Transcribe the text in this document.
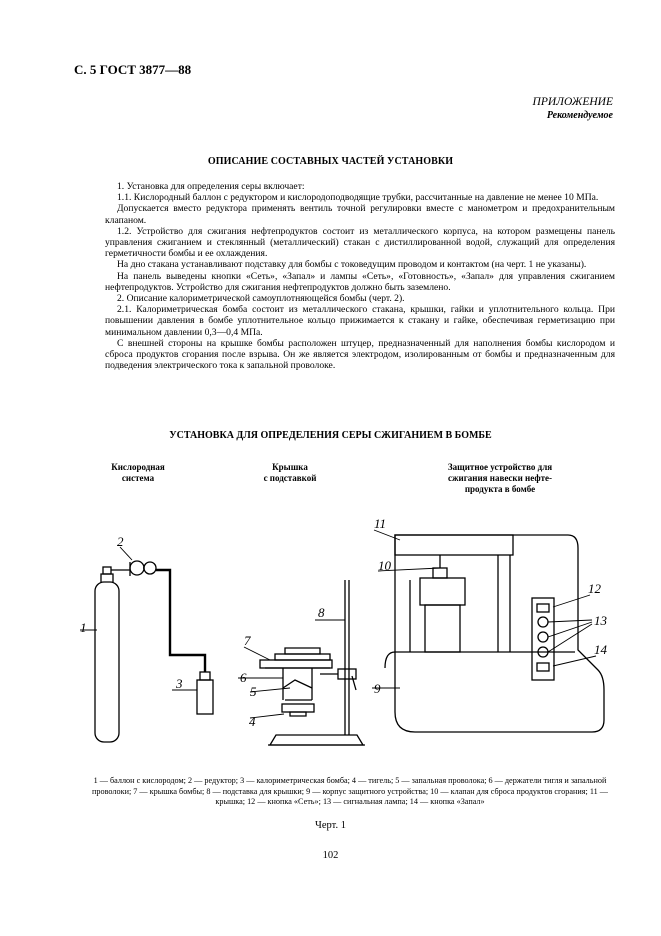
С. 5 ГОСТ 3877—88
ПРИЛОЖЕНИЕ
Рекомендуемое
ОПИСАНИЕ СОСТАВНЫХ ЧАСТЕЙ УСТАНОВКИ

1. Установка для определения серы включает:

1.1. Кислородный баллон с редуктором и кислородоподводящие трубки, рассчитанные на давление не менее 10 МПа.

Допускается вместо редуктора применять вентиль точной регулировки вместе с манометром и предохранительным клапаном.

1.2. Устройство для сжигания нефтепродуктов состоит из металлического корпуса, на котором размещены панель управления сжиганием и стеклянный (металлический) стакан с дистиллированной водой, служащий для определения герметичности бомбы и ее охлаждения.

На дно стакана устанавливают подставку для бомбы с токоведущим проводом и контактом (на черт. 1 не указаны).

На панель выведены кнопки «Сеть», «Запал» и лампы «Сеть», «Готовность», «Запал» для управления сжиганием нефтепродуктов. Устройство для сжигания нефтепродуктов должно быть заземлено.

2. Описание калориметрической самоуплотняющейся бомбы (черт. 2).

2.1. Калориметрическая бомба состоит из металлического стакана, крышки, гайки и уплотнительного кольца. При повышении давления в бомбе уплотнительное кольцо прижимается к стакану и гайке, обеспечивая герметизацию при минимальном давлении 0,3—0,4 МПа.

С внешней стороны на крышке бомбы расположен штуцер, предназначенный для наполнения бомбы кислородом и сброса продуктов сгорания после взрыва. Он же является электродом, изолированным от бомбы и предназначенным для подведения электрического тока к запальной проволоке.

УСТАНОВКА ДЛЯ ОПРЕДЕЛЕНИЯ СЕРЫ СЖИГАНИЕМ В БОМБЕ
Кислородная
система
Крышка
с подставкой
Защитное устройство для
сжигания навески нефте-
продукта в бомбе
1
2
3
4
5
6
7
8
9
10
11
12
13
14
1 — баллон с кислородом; 2 — редуктор; 3 — калориметрическая бомба; 4 — тигель; 5 — запальная проволока; 6 — держатели тигля и запальной проволоки; 7 — крышка бомбы; 8 — подставка для крышки; 9 — корпус защитного устройства; 10 — клапан для сброса продуктов сгорания; 11 — крышка; 12 — кнопка «Сеть»; 13 — сигнальная лампа; 14 — кнопка «Запал»
Черт. 1
102
